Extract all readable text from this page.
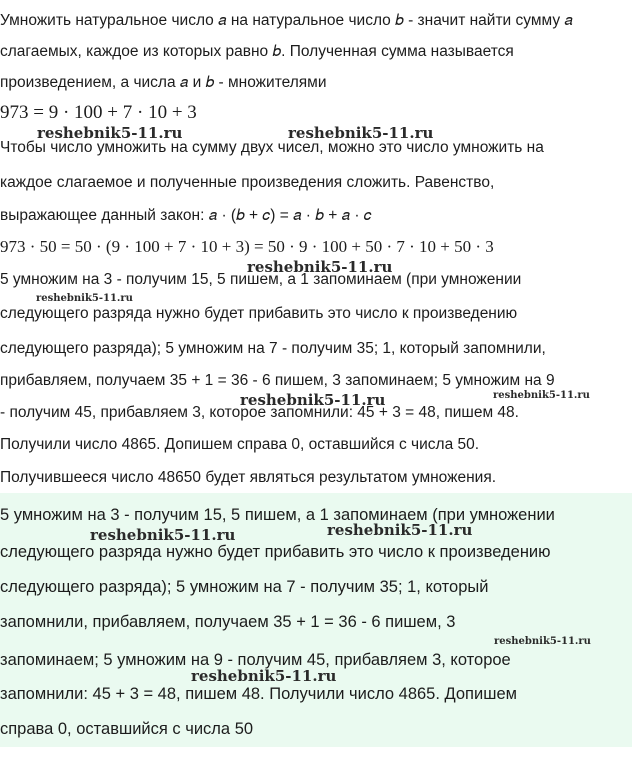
Умножить натуральное число 𝑎 на натуральное число 𝑏 - значит найти сумму 𝑎
слагаемых, каждое из которых равно 𝑏. Полученная сумма называется
произведением, а числа 𝑎 и 𝑏 - множителями
973 = 9 · 100 + 7 · 10 + 3
Чтобы число умножить на сумму двух чисел, можно это число умножить на
каждое слагаемое и полученные произведения сложить. Равенство,
выражающее данный закон: 𝑎 · (𝑏 + 𝑐) = 𝑎 · 𝑏 + 𝑎 · 𝑐
973 · 50 = 50 · (9 · 100 + 7 · 10 + 3) = 50 · 9 · 100 + 50 · 7 · 10 + 50 · 3
5 умножим на 3 - получим 15, 5 пишем, а 1 запоминаем (при умножении
следующего разряда нужно будет прибавить это число к произведению
следующего разряда); 5 умножим на 7 - получим 35; 1, который запомнили,
прибавляем, получаем 35 + 1 = 36 - 6 пишем, 3 запоминаем; 5 умножим на 9
- получим 45, прибавляем 3, которое запомнили: 45 + 3 = 48, пишем 48.
Получили число 4865. Допишем справа 0, оставшийся с числа 50.
Получившееся число 48650 будет являться результатом умножения.
5 умножим на 3 - получим 15, 5 пишем, а 1 запоминаем (при умножении
следующего разряда нужно будет прибавить это число к произведению
следующего разряда); 5 умножим на 7 - получим 35; 1, который
запомнили, прибавляем, получаем 35 + 1 = 36 - 6 пишем, 3
запоминаем; 5 умножим на 9 - получим 45, прибавляем 3, которое
запомнили: 45 + 3 = 48, пишем 48. Получили число 4865. Допишем
справа 0, оставшийся с числа 50
reshebnik5-11.ru	reshebnik5-11.ru
reshebnik5-11.ru
reshebnik5-11.ru
reshebnik5-11.ru	reshebnik5-11.ru
reshebnik5-11.ru	reshebnik5-11.ru
reshebnik5-11.ru
reshebnik5-11.ru
